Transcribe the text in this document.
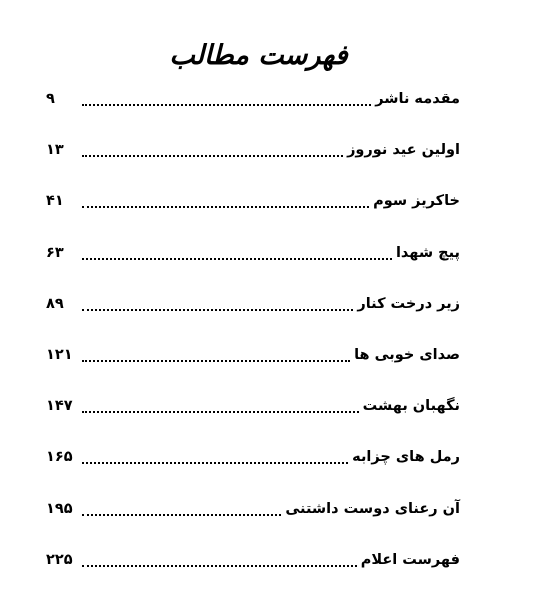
فهرست مطالب
مقدمه ناشر
۹
اولین عید نوروز
۱۳
خاکریز سوم
۴۱
پیچ شهدا
۶۳
زیر درخت کنار
۸۹
صدای خوبی ها
۱۲۱
نگهبان بهشت
۱۴۷
رمل های چزابه
۱۶۵
آن رعنای دوست داشتنی
۱۹۵
فهرست اعلام
۲۲۵
